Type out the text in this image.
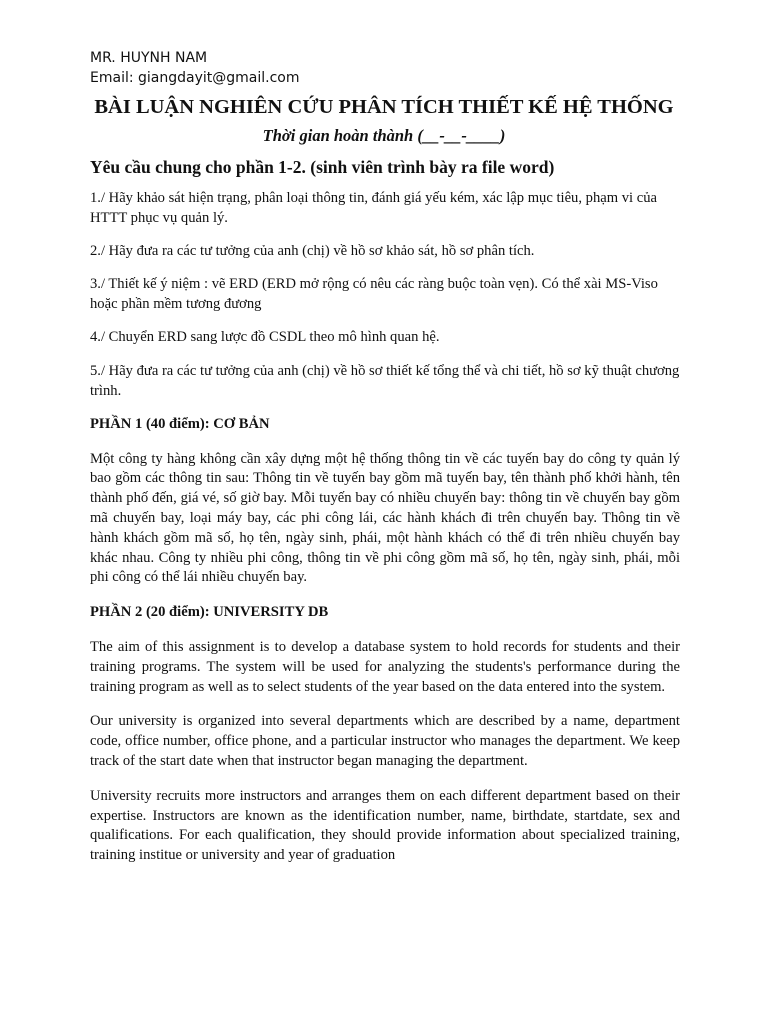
MR. HUYNH NAM
Email: giangdayit@gmail.com
BÀI LUẬN NGHIÊN CỨU PHÂN TÍCH THIẾT KẾ HỆ THỐNG
Thời gian hoàn thành (__-__-____)

Yêu cầu chung cho phần 1-2. (sinh viên trình bày ra file word)

1./ Hãy khảo sát hiện trạng, phân loại thông tin, đánh giá yếu kém, xác lập mục tiêu, phạm vi của HTTT phục vụ quản lý.

2./ Hãy đưa ra các tư tưởng của anh (chị) về hồ sơ khảo sát, hồ sơ phân tích.

3./ Thiết kế ý niệm : vẽ ERD (ERD mở rộng có nêu các ràng buộc toàn vẹn). Có thể xài MS-Viso hoặc phần mềm tương đương

4./ Chuyển ERD sang lược đồ CSDL theo mô hình quan hệ.

5./ Hãy đưa ra các tư tưởng của anh (chị) về hồ sơ thiết kế tổng thể và chi tiết, hồ sơ kỹ thuật chương trình.

PHẦN 1 (40 điểm): CƠ BẢN

Một công ty hàng không cần xây dựng một hệ thống thông tin về các tuyến bay do công ty quản lý bao gồm các thông tin sau: Thông tin về tuyến bay gồm mã tuyến bay, tên thành phố khởi hành, tên thành phố đến, giá vé, số giờ bay. Mỗi tuyến bay có nhiều chuyến bay: thông tin về chuyến bay gồm mã chuyến bay, loại máy bay, các phi công lái, các hành khách đi trên chuyến bay. Thông tin về hành khách gồm mã số, họ tên, ngày sinh, phái, một hành khách có thể đi trên nhiều chuyến bay khác nhau. Công ty nhiều phi công, thông tin về phi công gồm mã số, họ tên, ngày sinh, phái, mỗi phi công có thể lái nhiều chuyến bay.

PHẦN 2 (20 điểm): UNIVERSITY DB

The aim of this assignment is to develop a database system to hold records for students and their training programs. The system will be used for analyzing the students's performance during the training program as well as to select students of the year based on the data entered into the system.

Our university is organized into several departments which are described by a name, department code, office number, office phone, and a particular instructor who manages the department. We keep track of the start date when that instructor began managing the department.

University recruits more instructors and arranges them on each different department based on their expertise. Instructors are known as the identification number, name, birthdate, startdate, sex and qualifications. For each qualification, they should provide information about specialized training, training institue or university and year of graduation
